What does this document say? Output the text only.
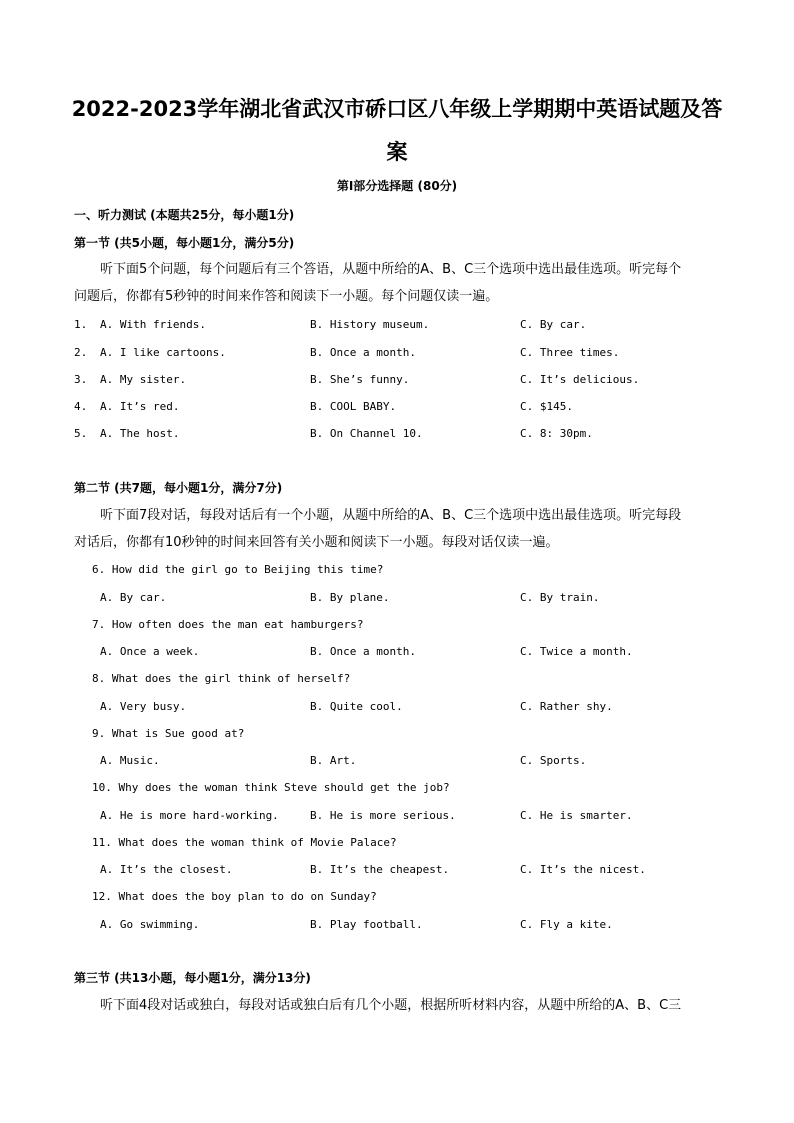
2022-2023学年湖北省武汉市硚口区八年级上学期期中英语试题及答
案
第I部分选择题 (80分)
一、听力测试 (本题共25分，每小题1分)
第一节 (共5小题，每小题1分，满分5分)
听下面5个问题，每个问题后有三个答语，从题中所给的A、B、C三个选项中选出最佳选项。听完每个
问题后，你都有5秒钟的时间来作答和阅读下一小题。每个问题仅读一遍。
1. A. With friends.	B. History museum.	C. By car.
2. A. I like cartoons.	B. Once a month.	C. Three times.
3. A. My sister.	B. She’s funny.	C. It’s delicious.
4. A. It’s red.	B. COOL BABY.	C. $145.
5. A. The host.	B. On Channel 10.	C. 8: 30pm.
第二节 (共7题，每小题1分，满分7分)
听下面7段对话，每段对话后有一个小题，从题中所给的A、B、C三个选项中选出最佳选项。听完每段
对话后，你都有10秒钟的时间来回答有关小题和阅读下一小题。每段对话仅读一遍。
6. How did the girl go to Beijing this time?
A. By car.	B. By plane.	C. By train.
7. How often does the man eat hamburgers?
A. Once a week.	B. Once a month.	C. Twice a month.
8. What does the girl think of herself?
A. Very busy.	B. Quite cool.	C. Rather shy.
9. What is Sue good at?
A. Music.	B. Art.	C. Sports.
10. Why does the woman think Steve should get the job?
A. He is more hard-working.	B. He is more serious.	C. He is smarter.
11. What does the woman think of Movie Palace?
A. It’s the closest.	B. It’s the cheapest.	C. It’s the nicest.
12. What does the boy plan to do on Sunday?
A. Go swimming.	B. Play football.	C. Fly a kite.
第三节 (共13小题，每小题1分，满分13分)
听下面4段对话或独白，每段对话或独白后有几个小题，根据所听材料内容，从题中所给的A、B、C三
